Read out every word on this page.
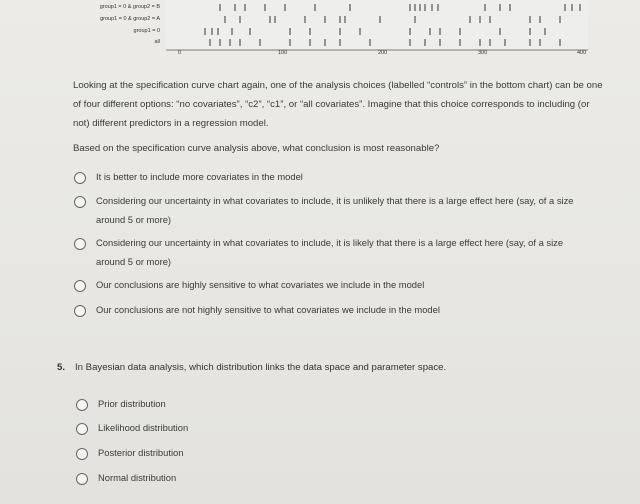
group1 = 0 & group2 = B
group1 = 0 & group2 = A
group1 = 0
all
0	100	200	300	400

Looking at the specification curve chart again, one of the analysis choices (labelled “controls” in the bottom chart) can be one of four different options: “no covariates”, “c2”, “c1”, or “all covariates”. Imagine that this choice corresponds to including (or not) different predictors in a regression model.

Based on the specification curve analysis above, what conclusion is most reasonable?

It is better to include more covariates in the model
Considering our uncertainty in what covariates to include, it is unlikely that there is a large effect here (say, of a size around 5 or more)
Considering our uncertainty in what covariates to include, it is likely that there is a large effect here (say, of a size around 5 or more)
Our conclusions are highly sensitive to what covariates we include in the model
Our conclusions are not highly sensitive to what covariates we include in the model
5. In Bayesian data analysis, which distribution links the data space and parameter space.
Prior distribution
Likelihood distribution
Posterior distribution
Normal distribution
